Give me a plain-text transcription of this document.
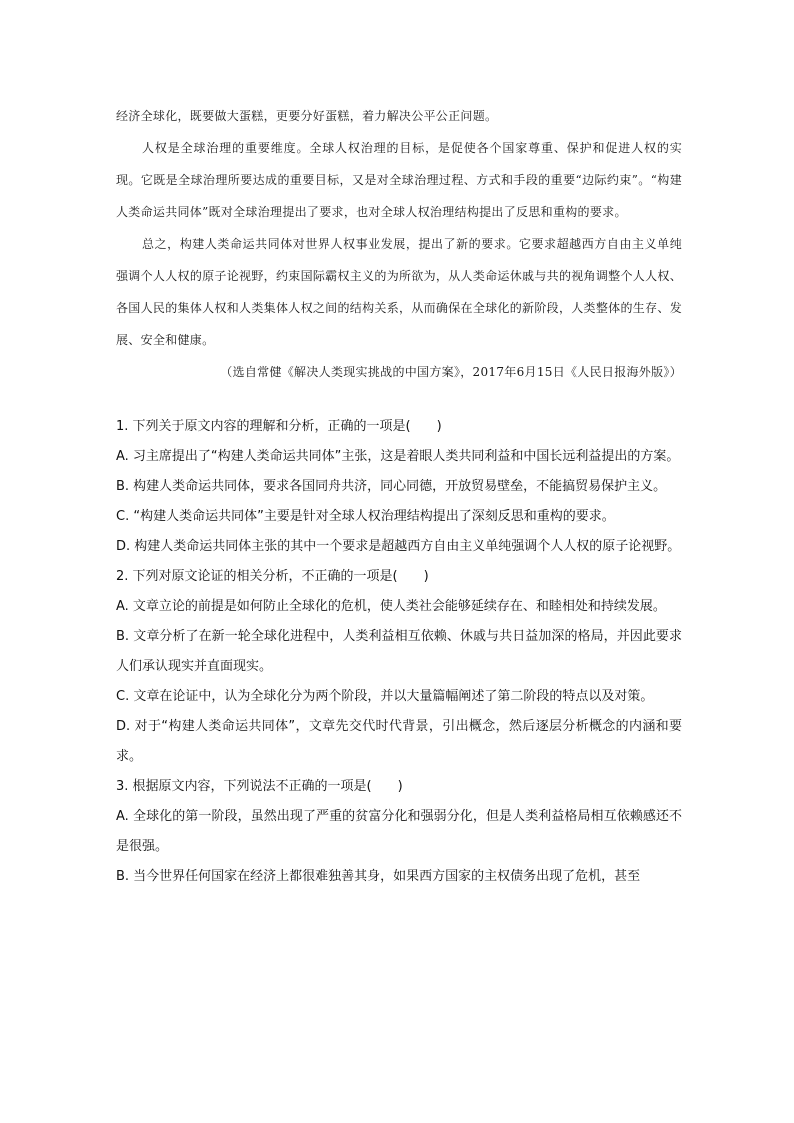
经济全球化，既要做大蛋糕，更要分好蛋糕，着力解决公平公正问题。

人权是全球治理的重要维度。全球人权治理的目标，是促使各个国家尊重、保护和促进人权的实现。它既是全球治理所要达成的重要目标，又是对全球治理过程、方式和手段的重要“边际约束”。“构建人类命运共同体”既对全球治理提出了要求，也对全球人权治理结构提出了反思和重构的要求。

总之，构建人类命运共同体对世界人权事业发展，提出了新的要求。它要求超越西方自由主义单纯强调个人人权的原子论视野，约束国际霸权主义的为所欲为，从人类命运休戚与共的视角调整个人人权、各国人民的集体人权和人类集体人权之间的结构关系，从而确保在全球化的新阶段，人类整体的生存、发展、安全和健康。

（选自常健《解决人类现实挑战的中国方案》，2017年6月15日《人民日报海外版》）

1. 下列关于原文内容的理解和分析，正确的一项是(　　)

A. 习主席提出了“构建人类命运共同体”主张，这是着眼人类共同利益和中国长远利益提出的方案。

B. 构建人类命运共同体，要求各国同舟共济，同心同德，开放贸易壁垒，不能搞贸易保护主义。

C. “构建人类命运共同体”主要是针对全球人权治理结构提出了深刻反思和重构的要求。

D. 构建人类命运共同体主张的其中一个要求是超越西方自由主义单纯强调个人人权的原子论视野。

2. 下列对原文论证的相关分析，不正确的一项是(　　)

A. 文章立论的前提是如何防止全球化的危机，使人类社会能够延续存在、和睦相处和持续发展。

B. 文章分析了在新一轮全球化进程中，人类利益相互依赖、休戚与共日益加深的格局，并因此要求人们承认现实并直面现实。

C. 文章在论证中，认为全球化分为两个阶段，并以大量篇幅阐述了第二阶段的特点以及对策。

D. 对于“构建人类命运共同体”，文章先交代时代背景，引出概念，然后逐层分析概念的内涵和要求。

3. 根据原文内容，下列说法不正确的一项是(　　)

A. 全球化的第一阶段，虽然出现了严重的贫富分化和强弱分化，但是人类利益格局相互依赖感还不是很强。

B. 当今世界任何国家在经济上都很难独善其身，如果西方国家的主权债务出现了危机，甚至
